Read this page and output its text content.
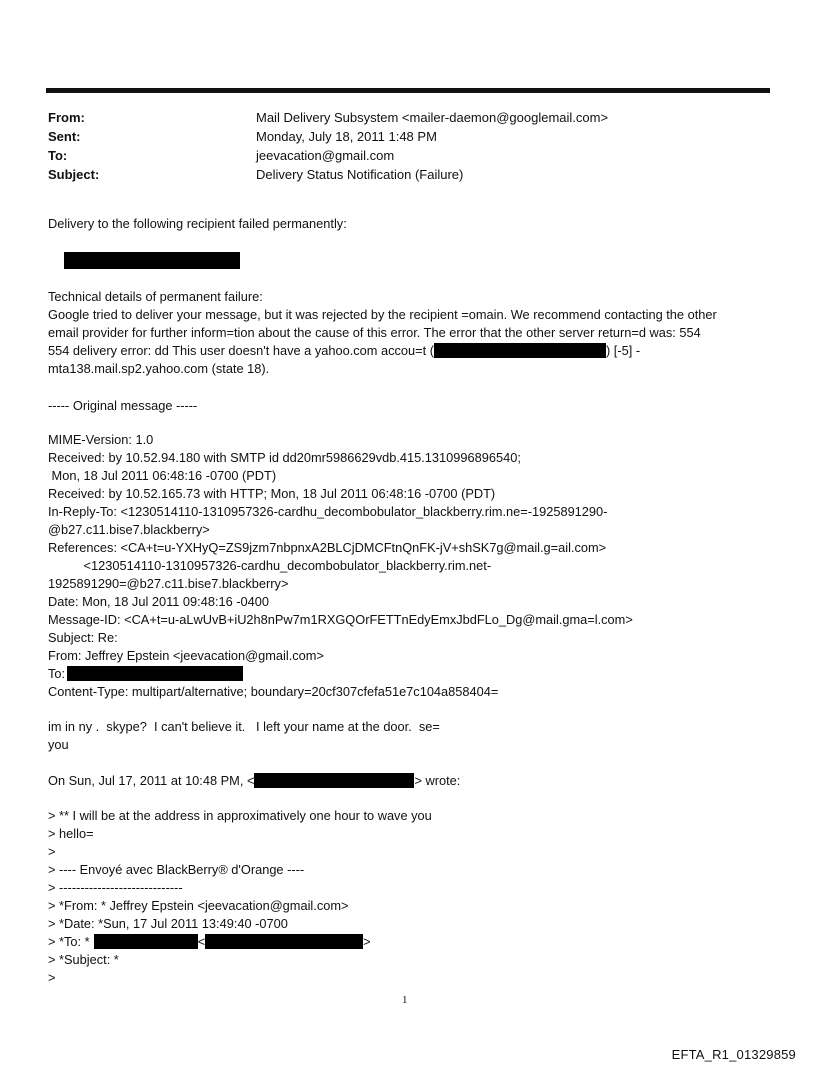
From:	Mail Delivery Subsystem <mailer-daemon@googlemail.com>
Sent:	Monday, July 18, 2011 1:48 PM
To:	jeevacation@gmail.com
Subject:	Delivery Status Notification (Failure)
Delivery to the following recipient failed permanently:
Technical details of permanent failure:
Google tried to deliver your message, but it was rejected by the recipient =omain. We recommend contacting the other
email provider for further inform=tion about the cause of this error. The error that the other server return=d was: 554
554 delivery error: dd This user doesn't have a yahoo.com accou=t (	) [-5] -
mta138.mail.sp2.yahoo.com (state 18).
----- Original message -----
MIME-Version: 1.0
Received: by 10.52.94.180 with SMTP id dd20mr5986629vdb.415.1310996896540;
Mon, 18 Jul 2011 06:48:16 -0700 (PDT)
Received: by 10.52.165.73 with HTTP; Mon, 18 Jul 2011 06:48:16 -0700 (PDT)
In-Reply-To: <1230514110-1310957326-cardhu_decombobulator_blackberry.rim.ne=-1925891290-
@b27.c11.bise7.blackberry>
References: <CA+t=u-YXHyQ=ZS9jzm7nbpnxA2BLCjDMCFtnQnFK-jV+shSK7g@mail.g=ail.com>
<1230514110-1310957326-cardhu_decombobulator_blackberry.rim.net-
1925891290=@b27.c11.bise7.blackberry>
Date: Mon, 18 Jul 2011 09:48:16 -0400
Message-ID: <CA+t=u-aLwUvB+iU2h8nPw7m1RXGQOrFETTnEdyEmxJbdFLo_Dg@mail.gma=l.com>
Subject: Re:
From: Jeffrey Epstein <jeevacation@gmail.com>
To:
Content-Type: multipart/alternative; boundary=20cf307cfefa51e7c104a858404=
im in ny .  skype?  I can't believe it.   I left your name at the door.  se=
you
On Sun, Jul 17, 2011 at 10:48 PM, <	> wrote:
> ** I will be at the address in approximatively one hour to wave you
> hello=
>
> ---- Envoyé avec BlackBerry® d'Orange ----
> -----------------------------
> *From: * Jeffrey Epstein <jeevacation@gmail.com>
> *Date: *Sun, 17 Jul 2011 13:49:40 -0700
> *To: *	<	>
> *Subject: *
>
1
EFTA_R1_01329859
